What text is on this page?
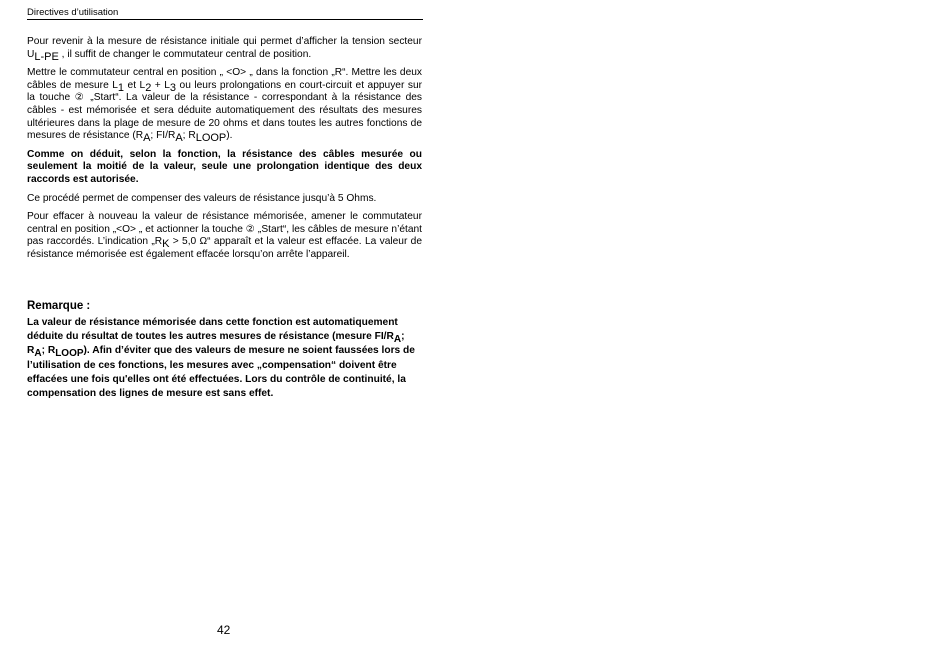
Directives d’utilisation

Pour revenir à la mesure de résistance initiale qui permet d’afficher la tension secteur $U_{L-PE}$ , il suffit de changer le commutateur central de position.

Mettre le commutateur central en position „ <O> „ dans la fonction „R“. Mettre les deux câbles de mesure $L_1$ et $L_2 + L_3$ ou leurs prolongations en court-circuit et appuyer sur la touche ② „Start“. La valeur de la résistance - correspondant à la résistance des câbles - est mémorisée et sera déduite automatiquement des résultats des mesures ultérieures dans la plage de mesure de 20 ohms et dans toutes les autres fonctions de mesures de résistance ($R_A$; $FI/R_A$; $R_{LOOP}$).

Comme on déduit, selon la fonction, la résistance des câbles mesurée ou seulement la moitié de la valeur, seule une prolongation identique des deux raccords est autorisée.

Ce procédé permet de compenser des valeurs de résistance jusqu’à 5 Ohms.

Pour effacer à nouveau la valeur de résistance mémorisée, amener le commutateur central en position „<O> „ et actionner la touche ② „Start“, les câbles de mesure n’étant pas raccordés. L’indication $„R_K > 5,0$ Ω“ apparaît et la valeur est effacée. La valeur de résistance mémorisée est également effacée lorsqu’on arrête l’appareil.

Remarque :

La valeur de résistance mémorisée dans cette fonction est automatiquement déduite du résultat de toutes les autres mesures de résistance (mesure $FI/R_A$; $R_A$; $R_{LOOP}$). Afin d’éviter que des valeurs de mesure ne soient faussées lors de l’utilisation de ces fonctions, les mesures avec „compensation“ doivent être effacées une fois qu'elles ont été effectuées. Lors du contrôle de continuité, la compensation des lignes de mesure est sans effet.

42
